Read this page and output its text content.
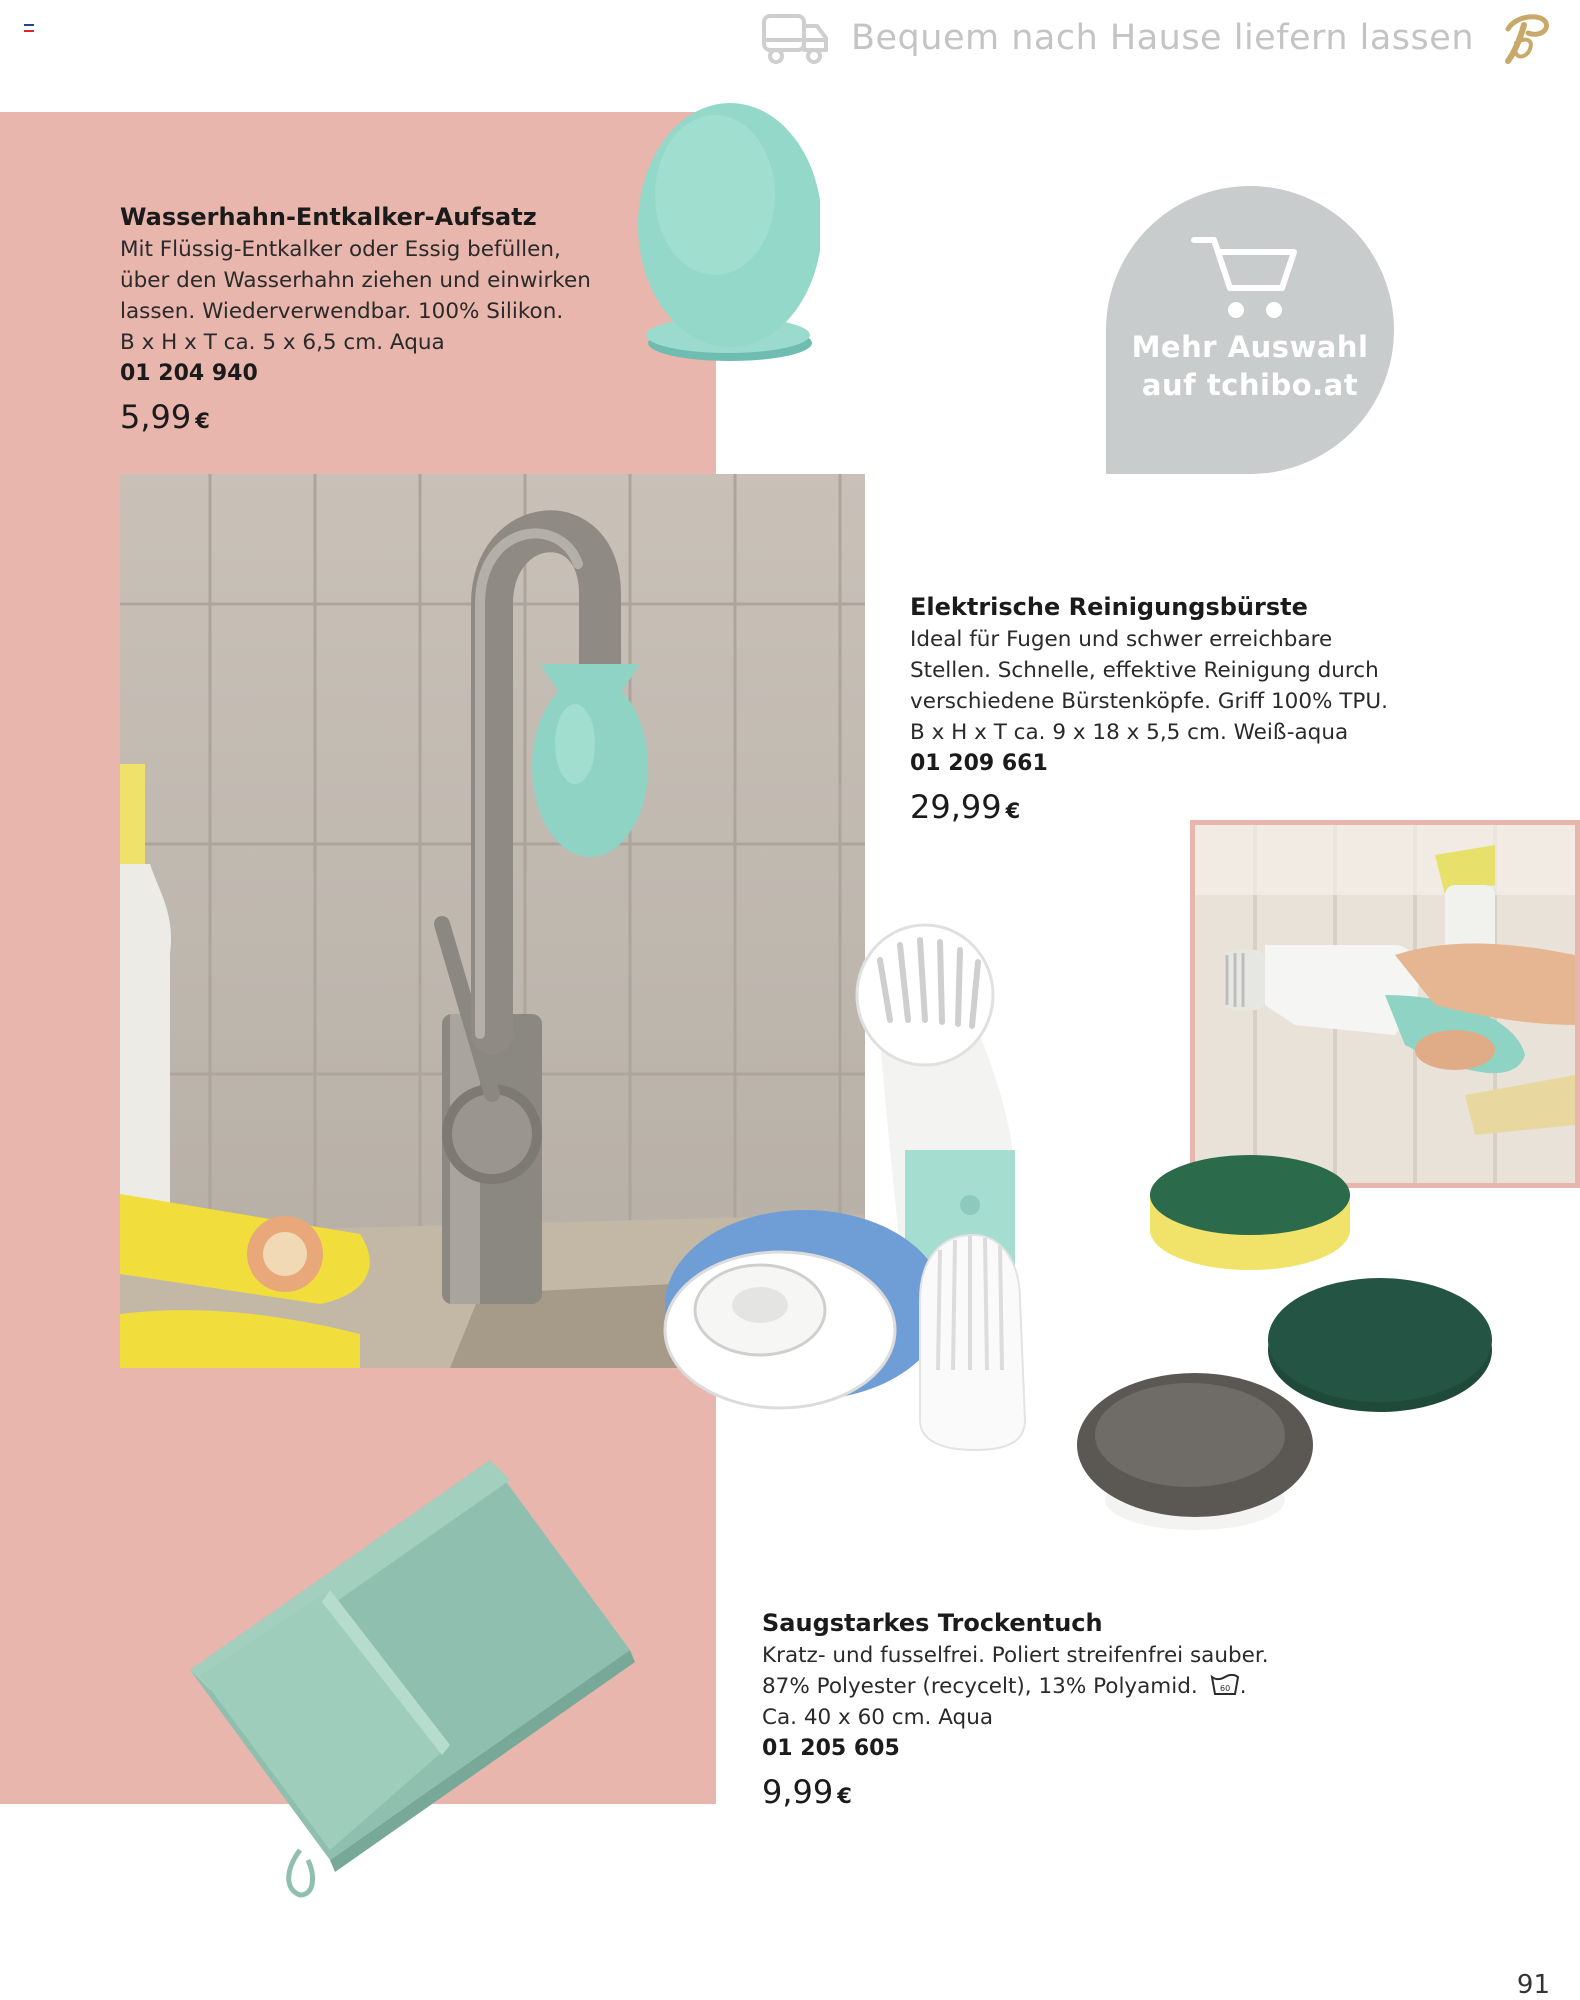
Bequem nach Hause liefern lassen
Wasserhahn-Entkalker-Aufsatz
Mit Flüssig-Entkalker oder Essig befüllen,
über den Wasserhahn ziehen und einwirken
lassen. Wiederverwendbar. 100% Silikon.
B x H x T ca. 5 x 6,5 cm. Aqua
01 204 940
5,99 €
Mehr Auswahl
auf tchibo.at
Elektrische Reinigungsbürste
Ideal für Fugen und schwer erreichbare
Stellen. Schnelle, effektive Reinigung durch
verschiedene Bürstenköpfe. Griff 100% TPU.
B x H x T ca. 9 x 18 x 5,5 cm. Weiß-aqua
01 209 661
29,99 €
Saugstarkes Trockentuch
Kratz- und fusselfrei. Poliert streifenfrei sauber.
87% Polyester (recycelt), 13% Polyamid.	60 .
Ca. 40 x 60 cm. Aqua
01 205 605
9,99 €
91
